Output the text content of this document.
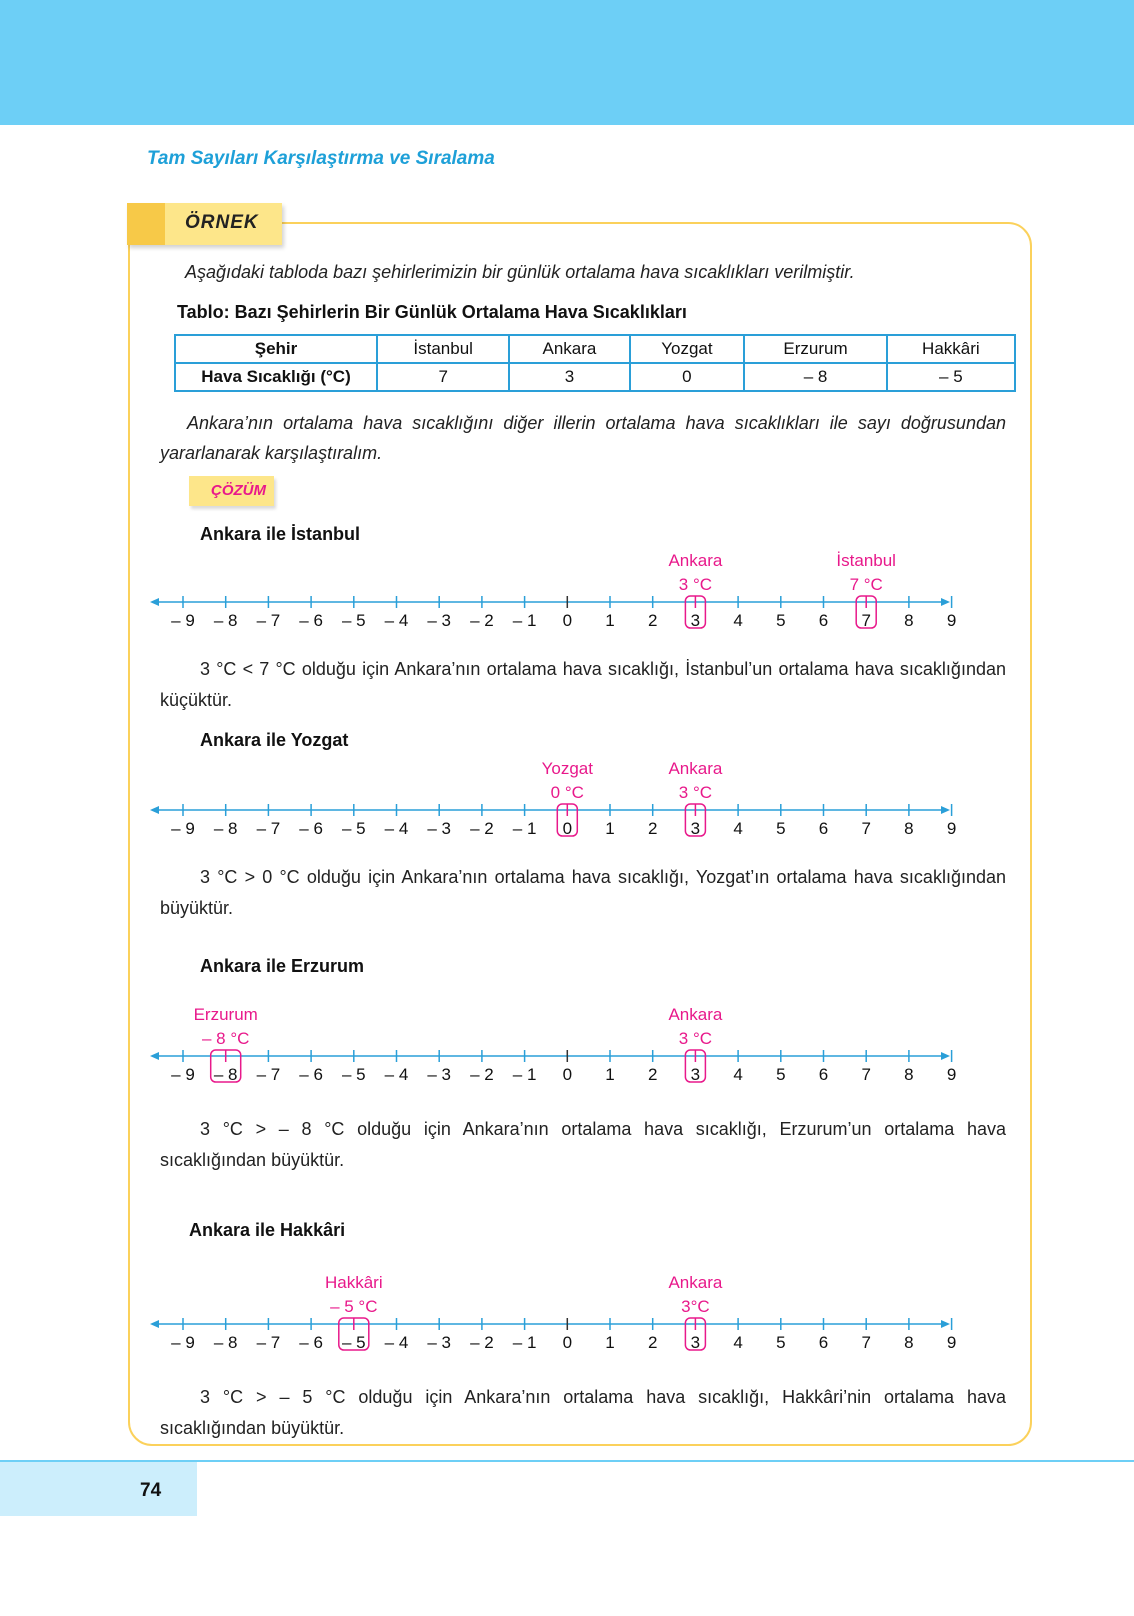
Tam Sayıları Karşılaştırma ve Sıralama
ÖRNEK
Aşağıdaki tabloda bazı şehirlerimizin bir günlük ortalama hava sıcaklıkları verilmiştir.
Tablo: Bazı Şehirlerin Bir Günlük Ortalama Hava Sıcaklıkları
Şehir	İstanbul	Ankara	Yozgat	Erzurum	Hakkâri
Hava Sıcaklığı (°C)	7	3	0	– 8	– 5
Ankara’nın ortalama hava sıcaklığını diğer illerin ortalama hava sıcaklıkları ile sayı doğrusundan yararlanarak karşılaştıralım.
ÇÖZÜM
Ankara ile İstanbul
– 9 – 8 – 7 – 6 – 5 – 4 – 3 – 2 – 1 0 1 2 3 4 5 6 7 8 9
Ankara
3 °C
İstanbul
7 °C
3 °C < 7 °C olduğu için Ankara’nın ortalama hava sıcaklığı, İstanbul’un ortalama hava sıcaklığından küçüktür.
Ankara ile Yozgat
– 9 – 8 – 7 – 6 – 5 – 4 – 3 – 2 – 1 0 1 2 3 4 5 6 7 8 9
Yozgat
0 °C
Ankara
3 °C
3 °C > 0 °C olduğu için Ankara’nın ortalama hava sıcaklığı, Yozgat’ın ortalama hava sıcaklığından büyüktür.
Ankara ile Erzurum
– 9 – 8 – 7 – 6 – 5 – 4 – 3 – 2 – 1 0 1 2 3 4 5 6 7 8 9
Erzurum
– 8 °C
Ankara
3 °C
3 °C > – 8 °C olduğu için Ankara’nın ortalama hava sıcaklığı, Erzurum’un ortalama hava sıcaklığından büyüktür.
Ankara ile Hakkâri
– 9 – 8 – 7 – 6 – 5 – 4 – 3 – 2 – 1 0 1 2 3 4 5 6 7 8 9
Hakkâri
– 5 °C
Ankara
3°C
3 °C > – 5 °C olduğu için Ankara’nın ortalama hava sıcaklığı, Hakkâri’nin ortalama hava sıcaklığından büyüktür.
74
